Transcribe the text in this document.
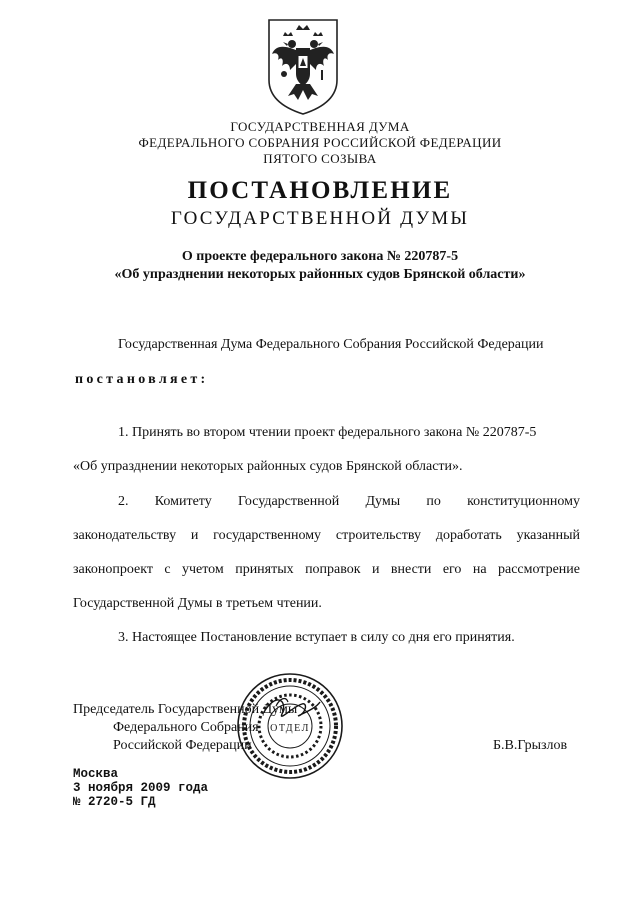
ГОСУДАРСТВЕННАЯ ДУМА
ФЕДЕРАЛЬНОГО СОБРАНИЯ РОССИЙСКОЙ ФЕДЕРАЦИИ
ПЯТОГО СОЗЫВА
ПОСТАНОВЛЕНИЕ
ГОСУДАРСТВЕННОЙ ДУМЫ
О проекте федерального закона № 220787-5
«Об упразднении некоторых районных судов Брянской области»
Государственная Дума Федерального Собрания Российской Федерации
постановляет:
1. Принять во втором чтении проект федерального закона № 220787-5
«Об упразднении некоторых районных судов Брянской области».
2. Комитету Государственной Думы по конституционному
законодательству и государственному строительству доработать указанный
законопроект с учетом принятых поправок и внести его на рассмотрение
Государственной Думы в третьем чтении.
3. Настоящее Постановление вступает в силу со дня его принятия.
Председатель Государственной Думы
Федерального Собрания
Российской Федерации	Б.В.Грызлов
Москва
3 ноября 2009 года
№ 2720-5 ГД
ОТДЕЛ
